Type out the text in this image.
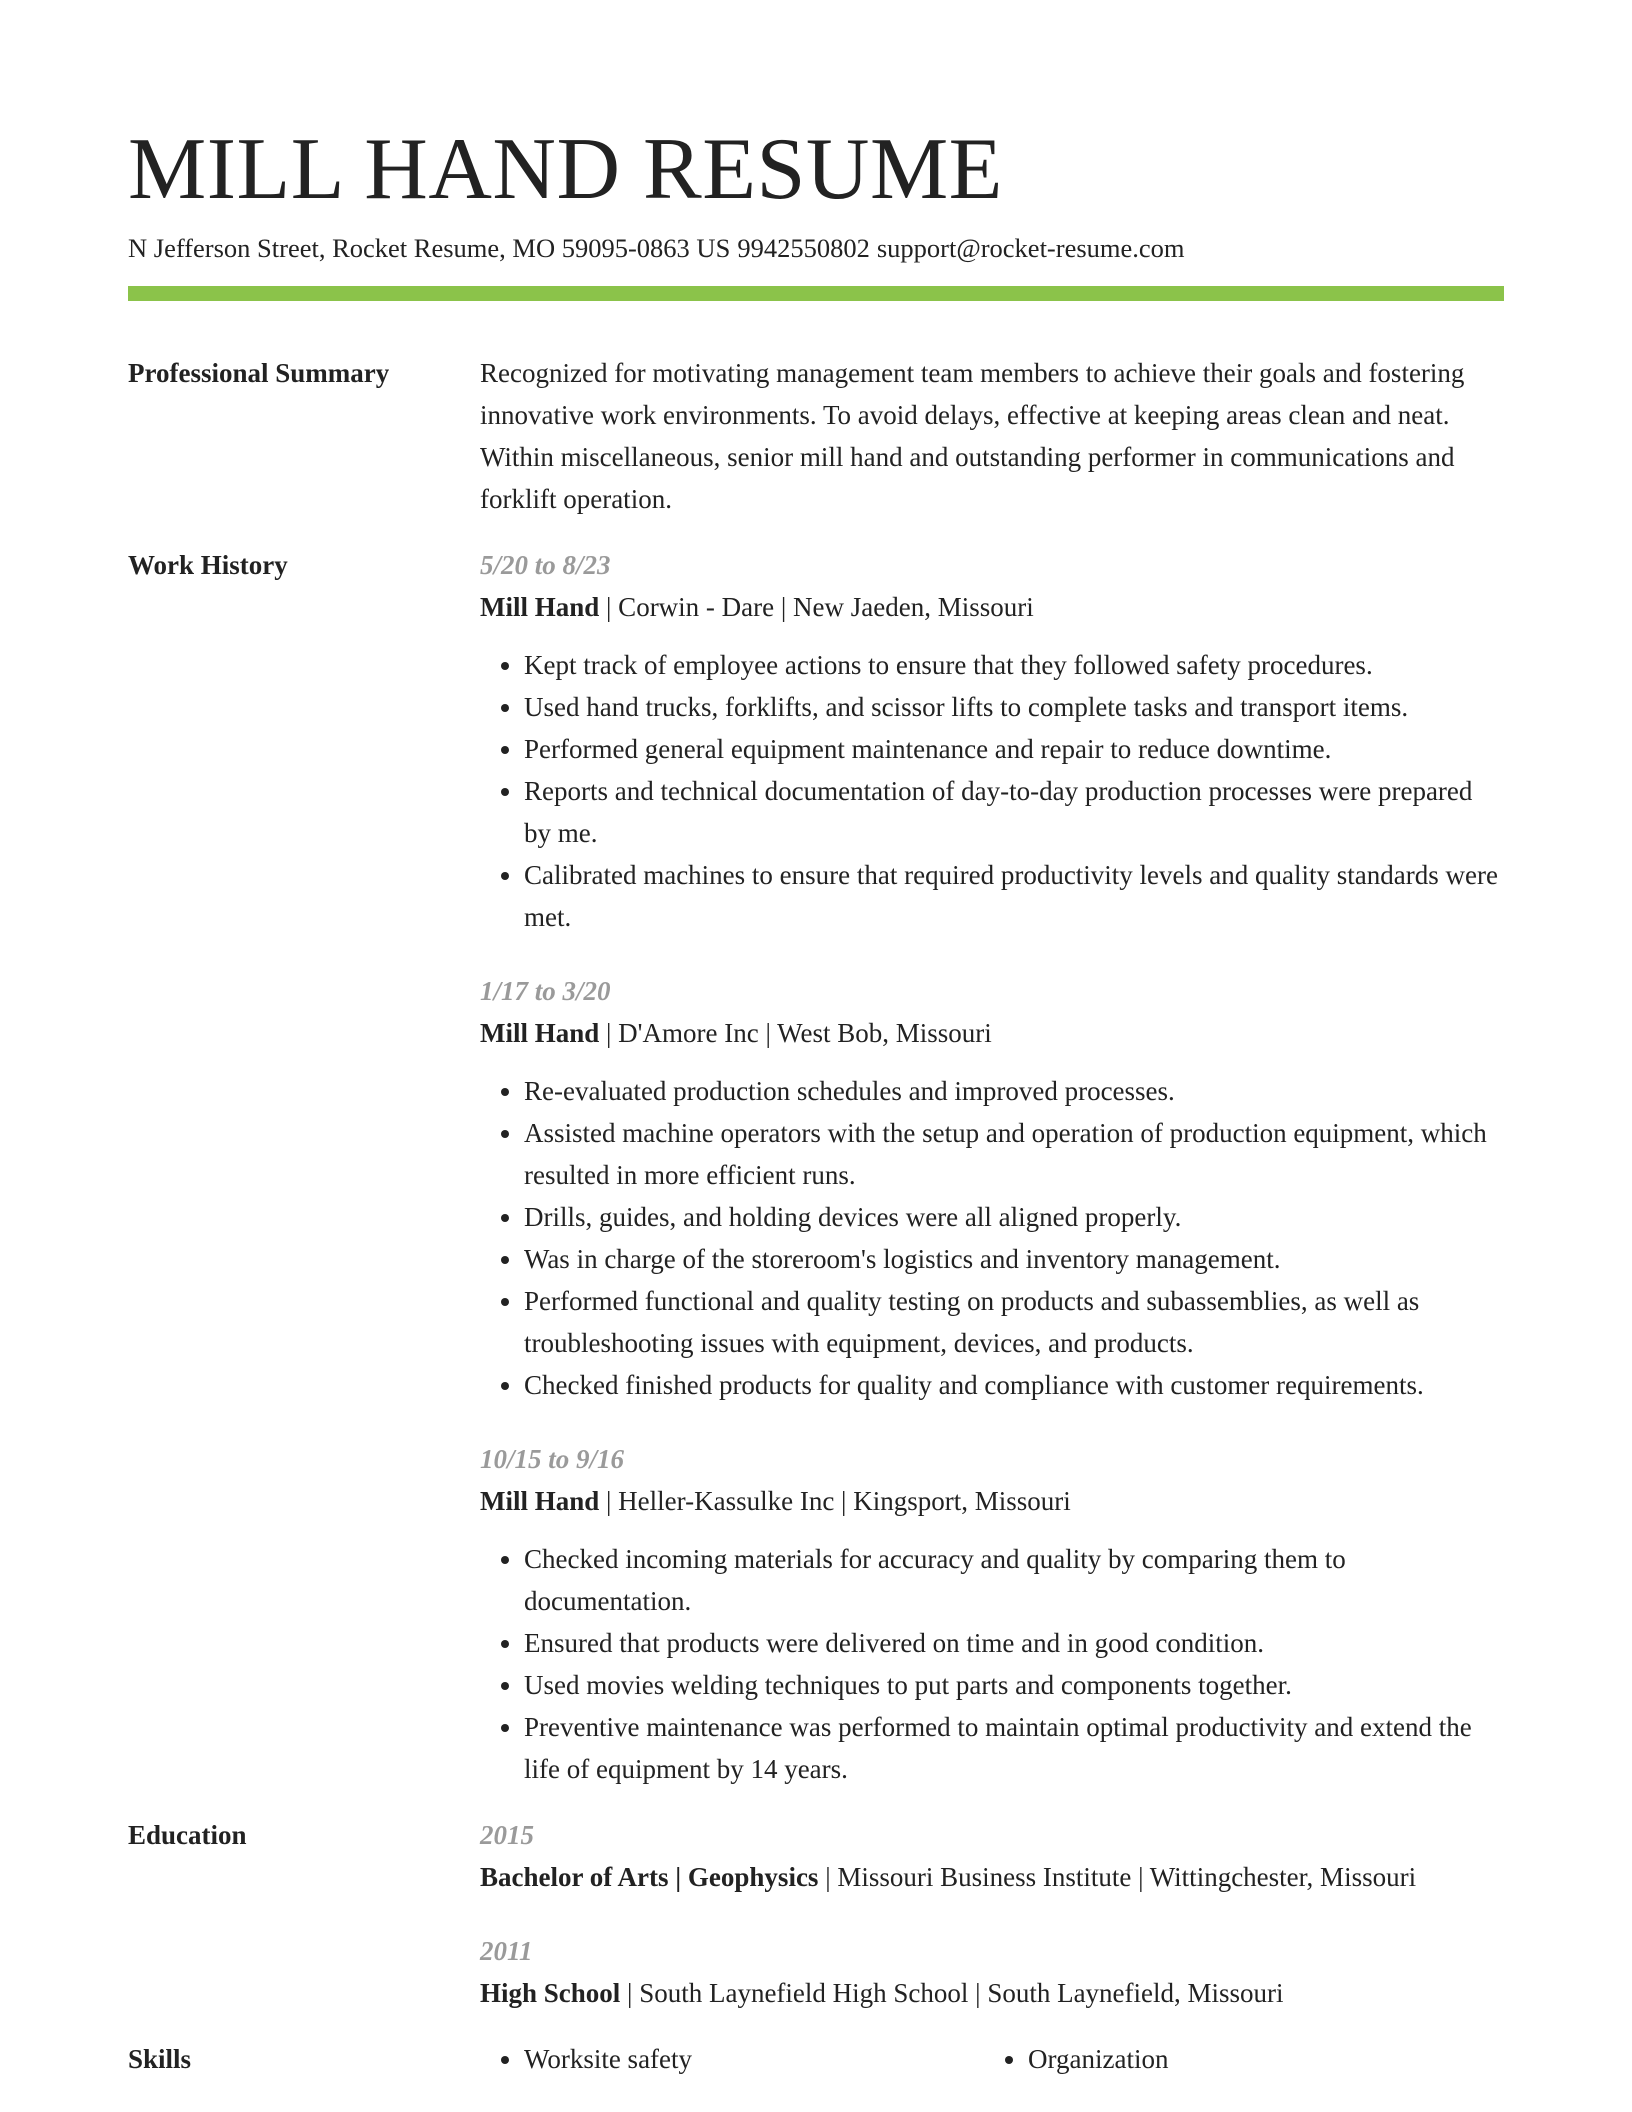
MILL HAND RESUME
N Jefferson Street, Rocket Resume, MO 59095-0863 US 9942550802 support@rocket-resume.com
Professional Summary	Recognized for motivating management team members to achieve their goals and fostering innovative work environments. To avoid delays, effective at keeping areas clean and neat. Within miscellaneous, senior mill hand and outstanding performer in communications and forklift operation.

Work History	5/20 to 8/23
Mill Hand | Corwin - Dare | New Jaeden, Missouri
• Kept track of employee actions to ensure that they followed safety procedures.
• Used hand trucks, forklifts, and scissor lifts to complete tasks and transport items.
• Performed general equipment maintenance and repair to reduce downtime.
• Reports and technical documentation of day-to-day production processes were prepared by me.
• Calibrated machines to ensure that required productivity levels and quality standards were met.
1/17 to 3/20
Mill Hand | D'Amore Inc | West Bob, Missouri
• Re-evaluated production schedules and improved processes.
• Assisted machine operators with the setup and operation of production equipment, which resulted in more efficient runs.
• Drills, guides, and holding devices were all aligned properly.
• Was in charge of the storeroom's logistics and inventory management.
• Performed functional and quality testing on products and subassemblies, as well as troubleshooting issues with equipment, devices, and products.
• Checked finished products for quality and compliance with customer requirements.
10/15 to 9/16
Mill Hand | Heller-Kassulke Inc | Kingsport, Missouri
• Checked incoming materials for accuracy and quality by comparing them to documentation.
• Ensured that products were delivered on time and in good condition.
• Used movies welding techniques to put parts and components together.
• Preventive maintenance was performed to maintain optimal productivity and extend the life of equipment by 14 years.
Education	2015
Bachelor of Arts | Geophysics | Missouri Business Institute | Wittingchester, Missouri
2011
High School | South Laynefield High School | South Laynefield, Missouri
Skills	• Worksite safety	• Organization
